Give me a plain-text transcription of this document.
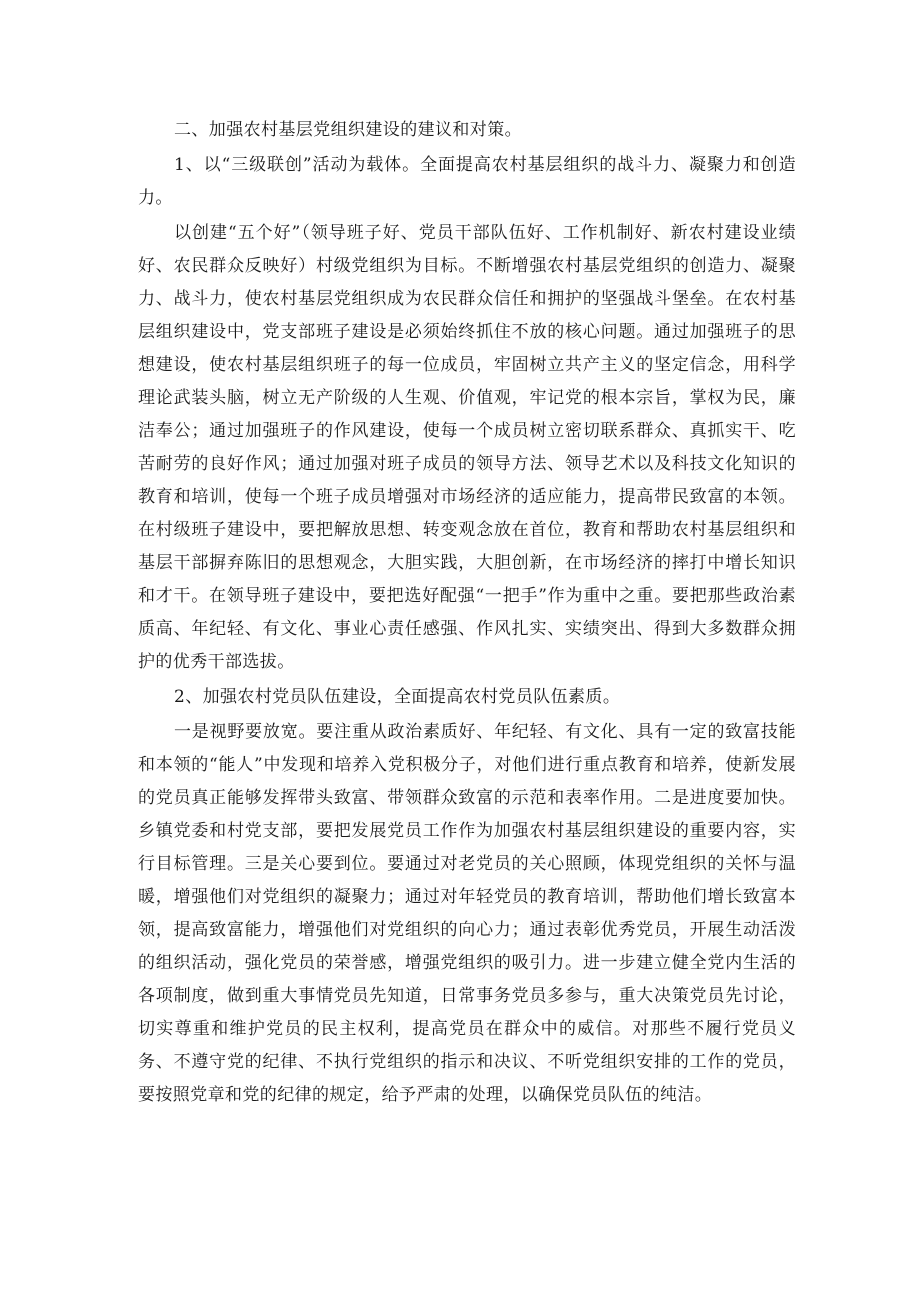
二、加强农村基层党组织建设的建议和对策。

1、以“三级联创”活动为载体。全面提高农村基层组织的战斗力、凝聚力和创造力。

以创建“五个好”（领导班子好、党员干部队伍好、工作机制好、新农村建设业绩好、农民群众反映好）村级党组织为目标。不断增强农村基层党组织的创造力、凝聚力、战斗力，使农村基层党组织成为农民群众信任和拥护的坚强战斗堡垒。在农村基层组织建设中，党支部班子建设是必须始终抓住不放的核心问题。通过加强班子的思想建设，使农村基层组织班子的每一位成员，牢固树立共产主义的坚定信念，用科学理论武装头脑，树立无产阶级的人生观、价值观，牢记党的根本宗旨，掌权为民，廉洁奉公；通过加强班子的作风建设，使每一个成员树立密切联系群众、真抓实干、吃苦耐劳的良好作风；通过加强对班子成员的领导方法、领导艺术以及科技文化知识的教育和培训，使每一个班子成员增强对市场经济的适应能力，提高带民致富的本领。在村级班子建设中，要把解放思想、转变观念放在首位，教育和帮助农村基层组织和基层干部摒弃陈旧的思想观念，大胆实践，大胆创新，在市场经济的摔打中增长知识和才干。在领导班子建设中，要把选好配强“一把手”作为重中之重。要把那些政治素质高、年纪轻、有文化、事业心责任感强、作风扎实、实绩突出、得到大多数群众拥护的优秀干部选拔。

2、加强农村党员队伍建设，全面提高农村党员队伍素质。

一是视野要放宽。要注重从政治素质好、年纪轻、有文化、具有一定的致富技能和本领的“能人”中发现和培养入党积极分子，对他们进行重点教育和培养，使新发展的党员真正能够发挥带头致富、带领群众致富的示范和表率作用。二是进度要加快。乡镇党委和村党支部，要把发展党员工作作为加强农村基层组织建设的重要内容，实行目标管理。三是关心要到位。要通过对老党员的关心照顾，体现党组织的关怀与温暖，增强他们对党组织的凝聚力；通过对年轻党员的教育培训，帮助他们增长致富本领，提高致富能力，增强他们对党组织的向心力；通过表彰优秀党员，开展生动活泼的组织活动，强化党员的荣誉感，增强党组织的吸引力。进一步建立健全党内生活的各项制度，做到重大事情党员先知道，日常事务党员多参与，重大决策党员先讨论，切实尊重和维护党员的民主权利，提高党员在群众中的威信。对那些不履行党员义务、不遵守党的纪律、不执行党组织的指示和决议、不听党组织安排的工作的党员，要按照党章和党的纪律的规定，给予严肃的处理，以确保党员队伍的纯洁。
